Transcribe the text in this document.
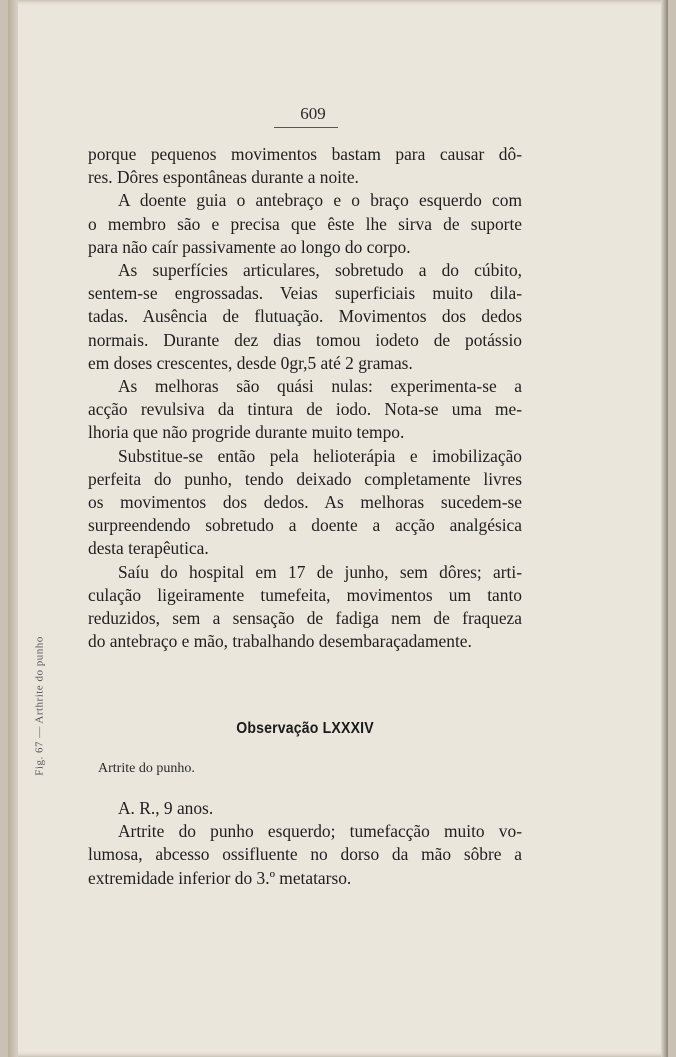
Fig. 67 — Arthrite do punho
609

porque pequenos movimentos bastam para causar dô-

res. Dôres espontâneas durante a noite.

A doente guia o antebraço e o braço esquerdo com

o membro são e precisa que êste lhe sirva de suporte

para não caír passivamente ao longo do corpo.

As superfícies articulares, sobretudo a do cúbito,

sentem-se engrossadas. Veias superficiais muito dila-

tadas. Ausência de flutuação. Movimentos dos dedos

normais. Durante dez dias tomou iodeto de potássio

em doses crescentes, desde 0gr,5 até 2 gramas.

As melhoras são quási nulas: experimenta-se a

acção revulsiva da tintura de iodo. Nota-se uma me-

lhoria que não progride durante muito tempo.

Substitue-se então pela helioterápia e imobilização

perfeita do punho, tendo deixado completamente livres

os movimentos dos dedos. As melhoras sucedem-se

surpreendendo sobretudo a doente a acção analgésica

desta terapêutica.

Saíu do hospital em 17 de junho, sem dôres; arti-

culação ligeiramente tumefeita, movimentos um tanto

reduzidos, sem a sensação de fadiga nem de fraqueza

do antebraço e mão, trabalhando desembaraçadamente.

Observação LXXXIV
Artrite do punho.

A. R., 9 anos.

Artrite do punho esquerdo; tumefacção muito vo-

lumosa, abcesso ossifluente no dorso da mão sôbre a

extremidade inferior do 3.º metatarso.
